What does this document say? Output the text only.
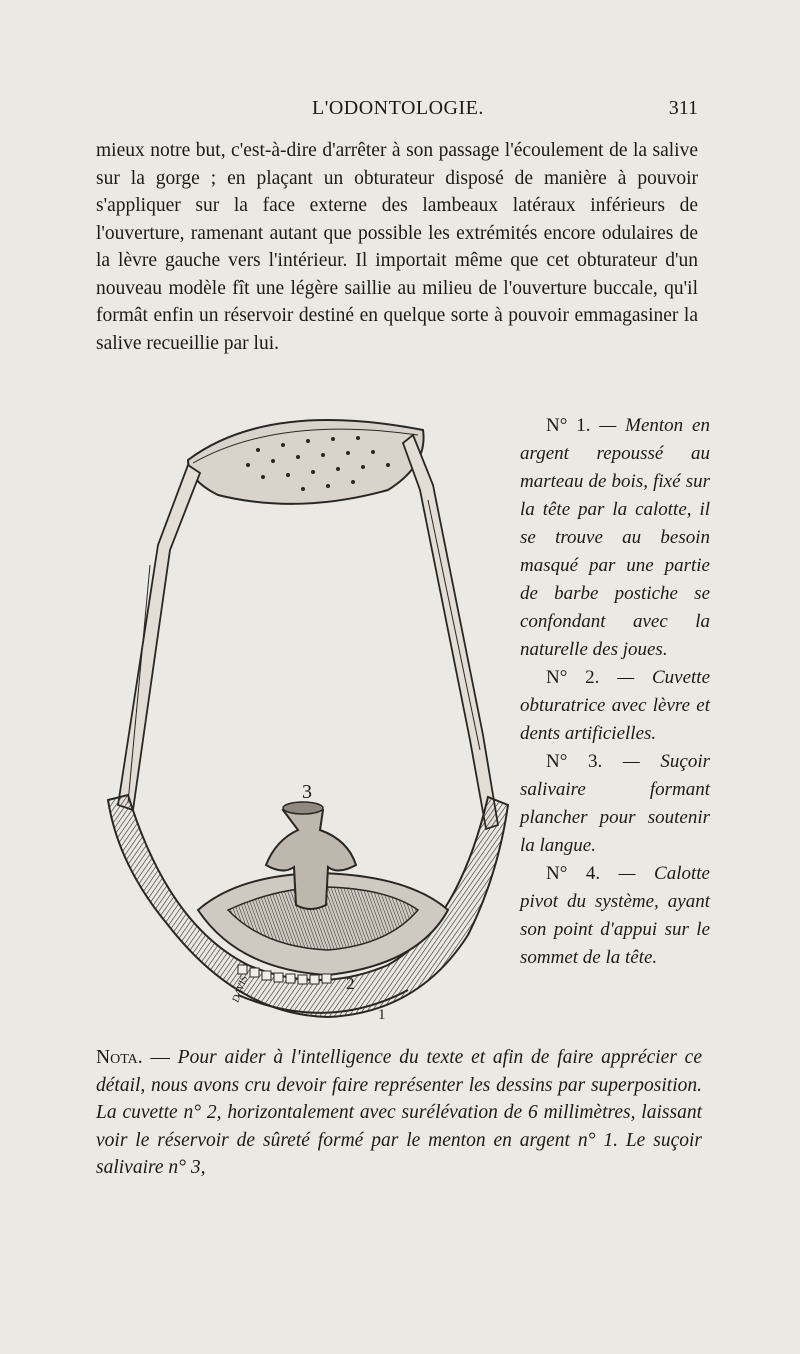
L'ODONTOLOGIE.	311

mieux notre but, c'est-à-dire d'arrêter à son passage l'écoulement de la salive sur la gorge ; en plaçant un obturateur disposé de manière à pouvoir s'appliquer sur la face externe des lambeaux latéraux inférieurs de l'ouverture, ramenant autant que possible les extrémités encore odulaires de la lèvre gauche vers l'intérieur. Il importait même que cet obturateur d'un nouveau modèle fît une légère saillie au milieu de l'ouverture buccale, qu'il formât enfin un réservoir destiné en quelque sorte à pouvoir emmagasiner la salive recueillie par lui.

3
2
1
DAVIS

N° 1. — Menton en argent repoussé au marteau de bois, fixé sur la tête par la calotte, il se trouve au besoin masqué par une partie de barbe postiche se confondant avec la naturelle des joues.

N° 2. — Cuvette obturatrice avec lèvre et dents artificielles.

N° 3. — Suçoir salivaire formant plancher pour soutenir la langue.

N° 4. — Calotte pivot du système, ayant son point d'appui sur le sommet de la tête.

Nota. — Pour aider à l'intelligence du texte et afin de faire apprécier ce détail, nous avons cru devoir faire représenter les dessins par superposition. La cuvette n° 2, horizontalement avec surélévation de 6 millimètres, laissant voir le réservoir de sûreté formé par le menton en argent n° 1. Le suçoir salivaire n° 3,
